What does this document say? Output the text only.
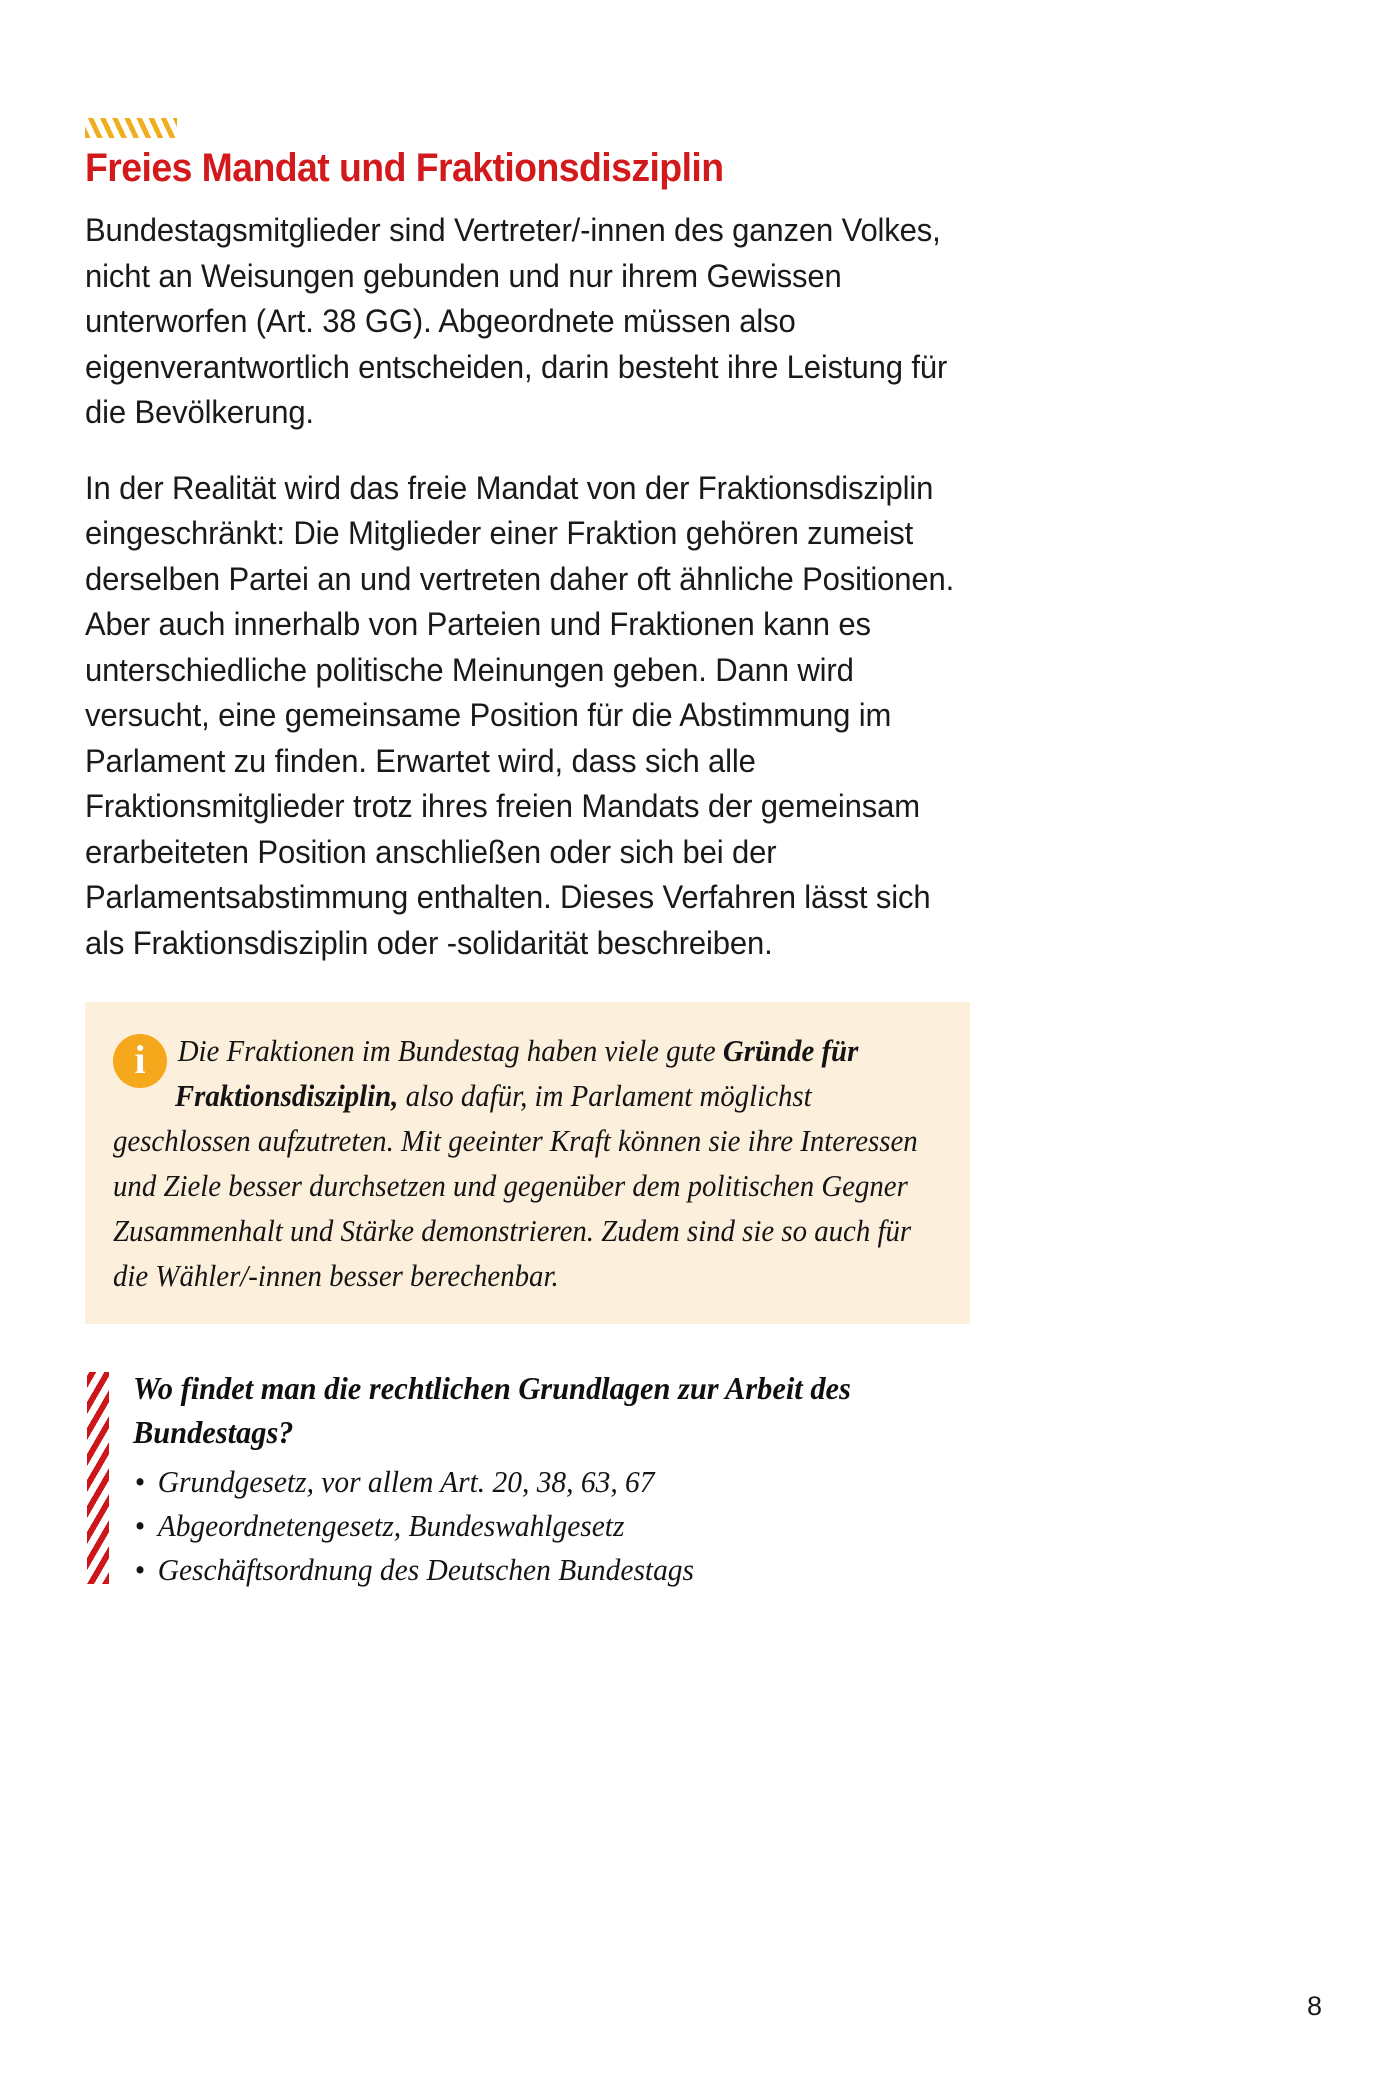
Freies Mandat und Fraktionsdisziplin

Bundestagsmitglieder sind Vertreter/-innen des ganzen Volkes, nicht an Weisungen gebunden und nur ihrem Gewissen unterworfen (Art. 38 GG). Abgeordnete müssen also eigenverantwortlich entscheiden, darin besteht ihre Leistung für die Bevölkerung.

In der Realität wird das freie Mandat von der Fraktionsdisziplin eingeschränkt: Die Mitglieder einer Fraktion gehören zumeist derselben Partei an und vertreten daher oft ähnliche Positionen. Aber auch innerhalb von Parteien und Fraktionen kann es unterschiedliche politische Meinungen geben. Dann wird versucht, eine gemeinsame Position für die Abstimmung im Parlament zu finden. Erwartet wird, dass sich alle Fraktionsmitglieder trotz ihres freien Mandats der gemeinsam erarbeiteten Position anschließen oder sich bei der Parlamentsabstimmung enthalten. Dieses Verfahren lässt sich als Fraktionsdisziplin oder -solidarität beschreiben.

i	Die Fraktionen im Bundestag haben viele gute Gründe für Fraktionsdisziplin, also dafür, im Parlament möglichst geschlossen aufzutreten. Mit geeinter Kraft können sie ihre Interessen und Ziele besser durchsetzen und gegenüber dem politischen Gegner Zusammenhalt und Stärke demonstrieren. Zudem sind sie so auch für die Wähler/-innen besser berechenbar.
Wo findet man die rechtlichen Grundlagen zur Arbeit des Bundestags?
• Grundgesetz, vor allem Art. 20, 38, 63, 67
• Abgeordnetengesetz, Bundeswahlgesetz
• Geschäftsordnung des Deutschen Bundestags
8
